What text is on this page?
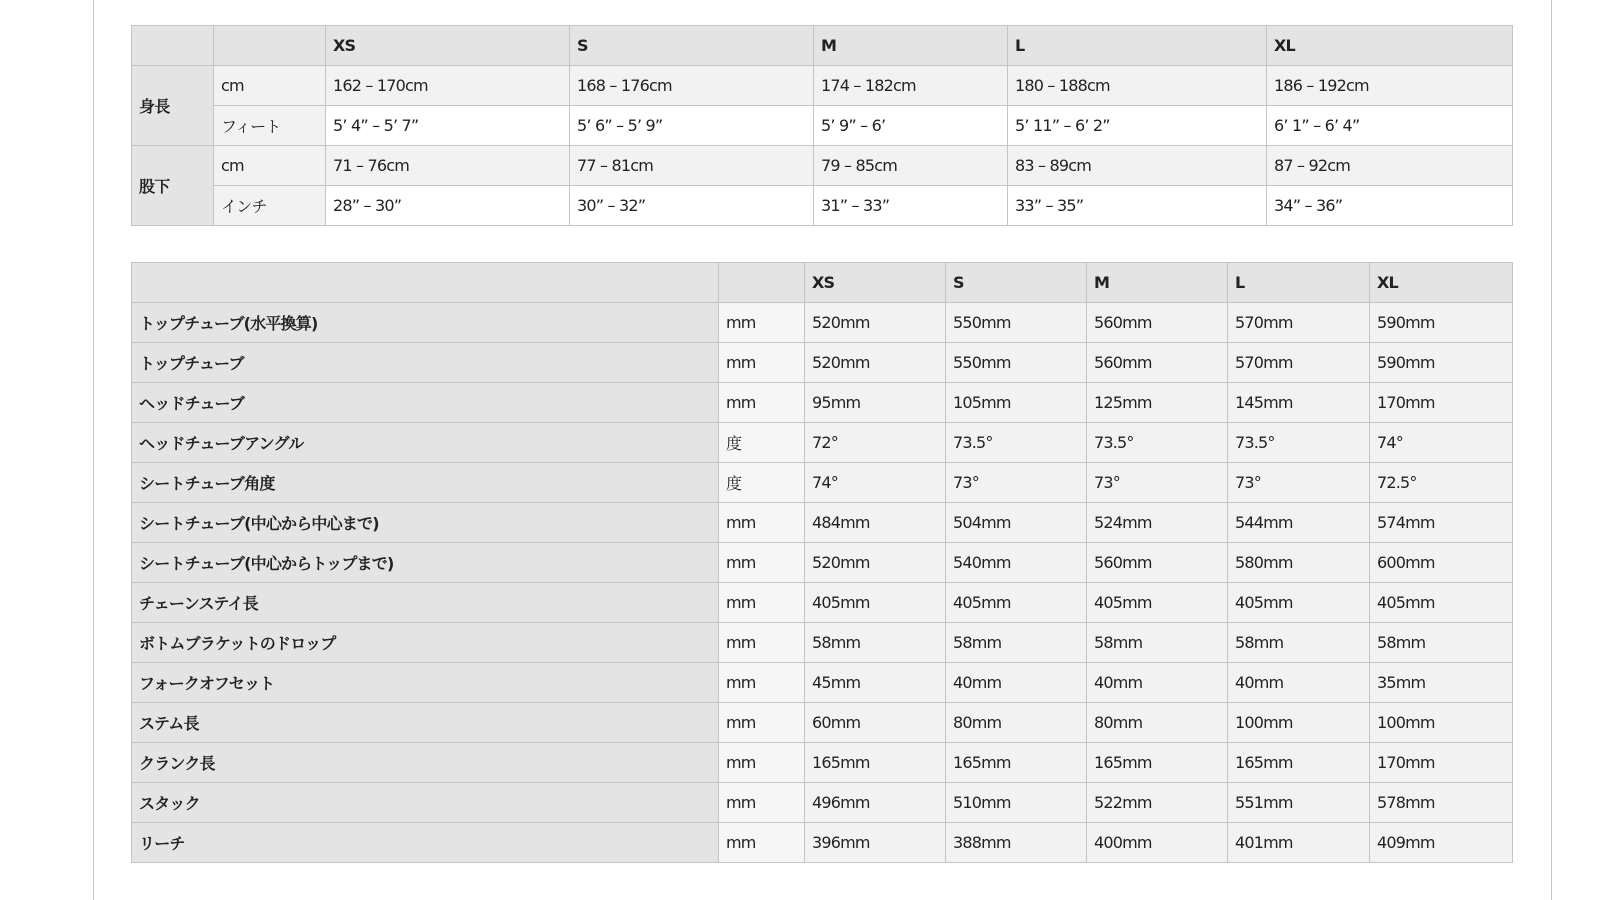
		XS	S	M	L	XL
身長	cm	162 – 170cm	168 – 176cm	174 – 182cm	180 – 188cm	186 – 192cm
	フィート	5’ 4” – 5’ 7”	5’ 6” – 5’ 9”	5’ 9” – 6’	5’ 11” – 6’ 2”	6’ 1” – 6’ 4”
股下	cm	71 – 76cm	77 – 81cm	79 – 85cm	83 – 89cm	87 – 92cm
	インチ	28” – 30”	30” – 32”	31” – 33”	33” – 35”	34” – 36”
		XS	S	M	L	XL
トップチューブ(水平換算)	mm	520mm	550mm	560mm	570mm	590mm
トップチューブ	mm	520mm	550mm	560mm	570mm	590mm
ヘッドチューブ	mm	95mm	105mm	125mm	145mm	170mm
ヘッドチューブアングル	度	72°	73.5°	73.5°	73.5°	74°
シートチューブ角度	度	74°	73°	73°	73°	72.5°
シートチューブ(中心から中心まで)	mm	484mm	504mm	524mm	544mm	574mm
シートチューブ(中心からトップまで)	mm	520mm	540mm	560mm	580mm	600mm
チェーンステイ長	mm	405mm	405mm	405mm	405mm	405mm
ボトムブラケットのドロップ	mm	58mm	58mm	58mm	58mm	58mm
フォークオフセット	mm	45mm	40mm	40mm	40mm	35mm
ステム長	mm	60mm	80mm	80mm	100mm	100mm
クランク長	mm	165mm	165mm	165mm	165mm	170mm
スタック	mm	496mm	510mm	522mm	551mm	578mm
リーチ	mm	396mm	388mm	400mm	401mm	409mm
